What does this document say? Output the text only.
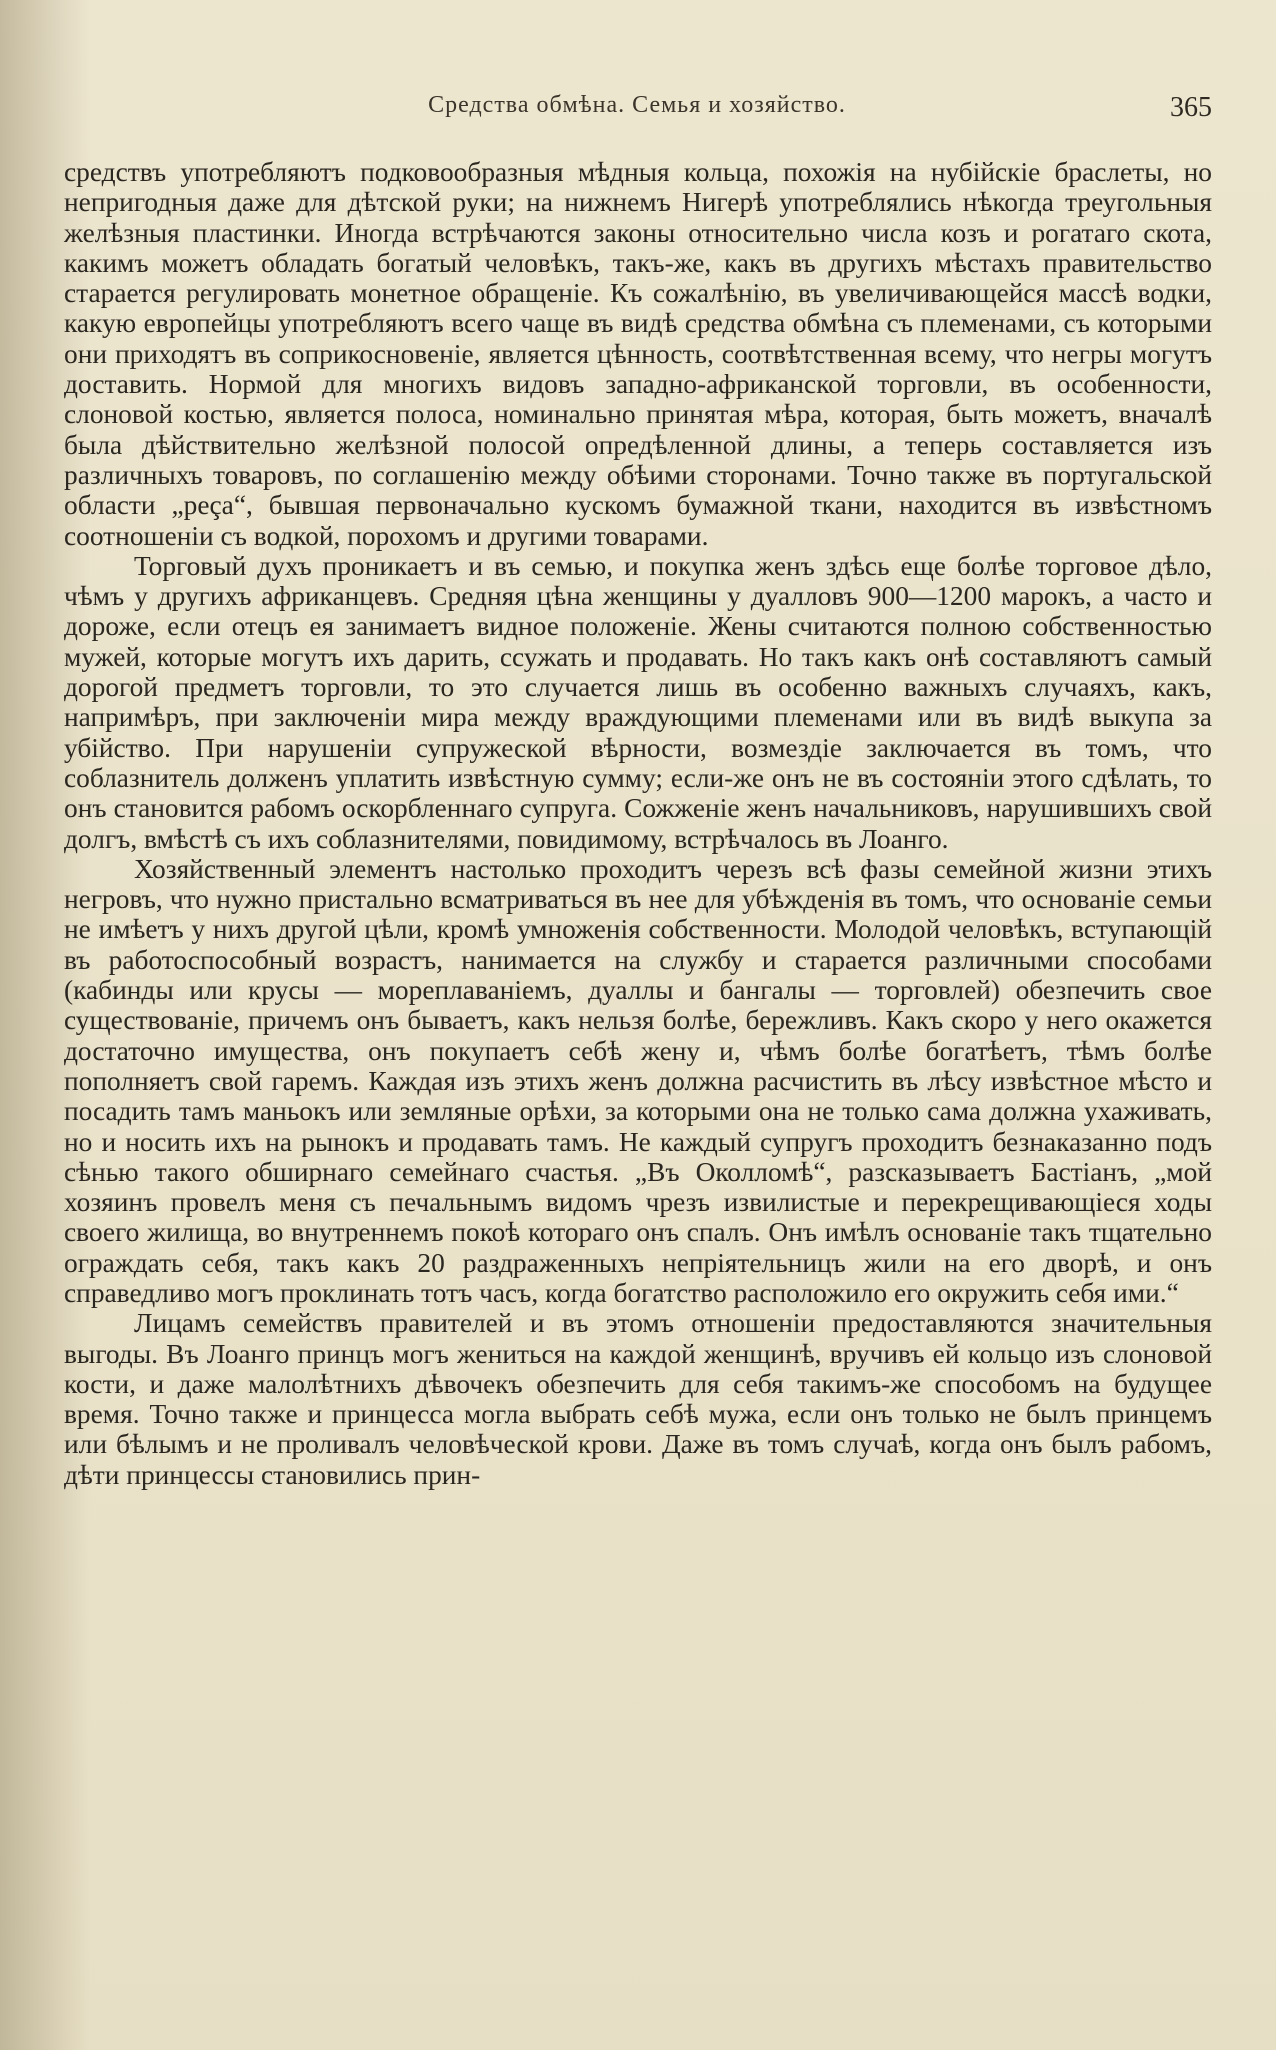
Средства обмѣна. Семья и хозяйство.	365

средствъ употребляютъ подковообразныя мѣдныя кольца, похожія на нубійскіе браслеты, но непригодныя даже для дѣтской руки; на нижнемъ Нигерѣ употреблялись нѣкогда треугольныя желѣзныя пластинки. Иногда встрѣчаются законы относительно числа козъ и рогатаго скота, какимъ можетъ обладать богатый человѣкъ, такъ-же, какъ въ другихъ мѣстахъ правительство старается регулировать монетное обращеніе. Къ сожалѣнію, въ увеличивающейся массѣ водки, какую европейцы употребляютъ всего чаще въ видѣ средства обмѣна съ племенами, съ которыми они приходятъ въ соприкосновеніе, является цѣнность, соотвѣтственная всему, что негры могутъ доставить. Нормой для многихъ видовъ западно-африканской торговли, въ особенности, слоновой костью, является полоса, номинально принятая мѣра, которая, быть можетъ, вначалѣ была дѣйствительно желѣзной полосой опредѣленной длины, а теперь составляется изъ различныхъ товаровъ, по соглашенію между обѣими сторонами. Точно также въ португальской области „peça“, бывшая первоначально кускомъ бумажной ткани, находится въ извѣстномъ соотношеніи съ водкой, порохомъ и другими товарами.

Торговый духъ проникаетъ и въ семью, и покупка женъ здѣсь еще болѣе торговое дѣло, чѣмъ у другихъ африканцевъ. Средняя цѣна женщины у дуалловъ 900—1200 марокъ, а часто и дороже, если отецъ ея занимаетъ видное положеніе. Жены считаются полною собственностью мужей, которые могутъ ихъ дарить, ссужать и продавать. Но такъ какъ онѣ составляютъ самый дорогой предметъ торговли, то это случается лишь въ особенно важныхъ случаяхъ, какъ, напримѣръ, при заключеніи мира между враждующими племенами или въ видѣ выкупа за убійство. При нарушеніи супружеской вѣрности, возмездіе заключается въ томъ, что соблазнитель долженъ уплатить извѣстную сумму; если-же онъ не въ состояніи этого сдѣлать, то онъ становится рабомъ оскорбленнаго супруга. Сожженіе женъ начальниковъ, нарушившихъ свой долгъ, вмѣстѣ съ ихъ соблазнителями, повидимому, встрѣчалось въ Лоанго.

Хозяйственный элементъ настолько проходитъ черезъ всѣ фазы семейной жизни этихъ негровъ, что нужно пристально всматриваться въ нее для убѣжденія въ томъ, что основаніе семьи не имѣетъ у нихъ другой цѣли, кромѣ умноженія собственности. Молодой человѣкъ, вступающій въ работоспособный возрастъ, нанимается на службу и старается различными способами (кабинды или крусы — мореплаваніемъ, дуаллы и бангалы — торговлей) обезпечить свое существованіе, причемъ онъ бываетъ, какъ нельзя болѣе, бережливъ. Какъ скоро у него окажется достаточно имущества, онъ покупаетъ себѣ жену и, чѣмъ болѣе богатѣетъ, тѣмъ болѣе пополняетъ свой гаремъ. Каждая изъ этихъ женъ должна расчистить въ лѣсу извѣстное мѣсто и посадить тамъ маньокъ или земляные орѣхи, за которыми она не только сама должна ухаживать, но и носить ихъ на рынокъ и продавать тамъ. Не каждый супругъ проходитъ безнаказанно подъ сѣнью такого обширнаго семейнаго счастья. „Въ Околломѣ“, разсказываетъ Бастіанъ, „мой хозяинъ провелъ меня съ печальнымъ видомъ чрезъ извилистые и перекрещивающіеся ходы своего жилища, во внутреннемъ покоѣ котораго онъ спалъ. Онъ имѣлъ основаніе такъ тщательно ограждать себя, такъ какъ 20 раздраженныхъ непріятельницъ жили на его дворѣ, и онъ справедливо могъ проклинать тотъ часъ, когда богатство расположило его окружить себя ими.“

Лицамъ семействъ правителей и въ этомъ отношеніи предоставляются значительныя выгоды. Въ Лоанго принцъ могъ жениться на каждой женщинѣ, вручивъ ей кольцо изъ слоновой кости, и даже малолѣтнихъ дѣвочекъ обезпечить для себя такимъ-же способомъ на будущее время. Точно также и принцесса могла выбрать себѣ мужа, если онъ только не былъ принцемъ или бѣлымъ и не проливалъ человѣческой крови. Даже въ томъ случаѣ, когда онъ былъ рабомъ, дѣти принцессы становились прин-
